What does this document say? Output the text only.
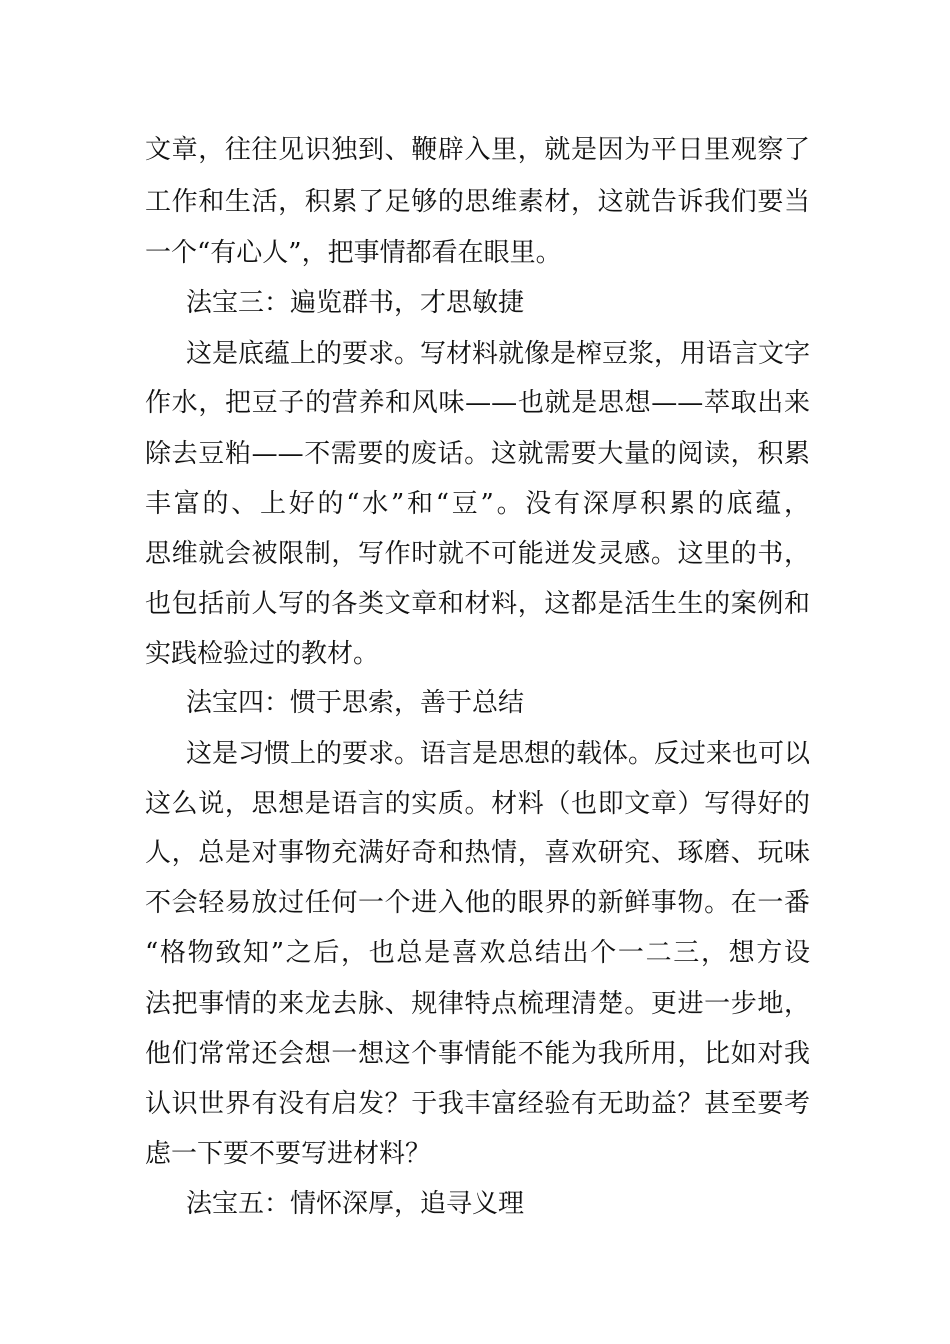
文章，往往见识独到、鞭辟入里，就是因为平日里观察了
工作和生活，积累了足够的思维素材，这就告诉我们要当
一个“有心人”，把事情都看在眼里。
法宝三：遍览群书，才思敏捷
这是底蕴上的要求。写材料就像是榨豆浆，用语言文字
作水，把豆子的营养和风味——也就是思想——萃取出来
除去豆粕——不需要的废话。这就需要大量的阅读，积累
丰富的、上好的“水”和“豆”。没有深厚积累的底蕴，
思维就会被限制，写作时就不可能迸发灵感。这里的书，
也包括前人写的各类文章和材料，这都是活生生的案例和
实践检验过的教材。
法宝四：惯于思索，善于总结
这是习惯上的要求。语言是思想的载体。反过来也可以
这么说，思想是语言的实质。材料（也即文章）写得好的
人，总是对事物充满好奇和热情，喜欢研究、琢磨、玩味
不会轻易放过任何一个进入他的眼界的新鲜事物。在一番
“格物致知”之后，也总是喜欢总结出个一二三，想方设
法把事情的来龙去脉、规律特点梳理清楚。更进一步地，
他们常常还会想一想这个事情能不能为我所用，比如对我
认识世界有没有启发？于我丰富经验有无助益？甚至要考
虑一下要不要写进材料？
法宝五：情怀深厚，追寻义理
